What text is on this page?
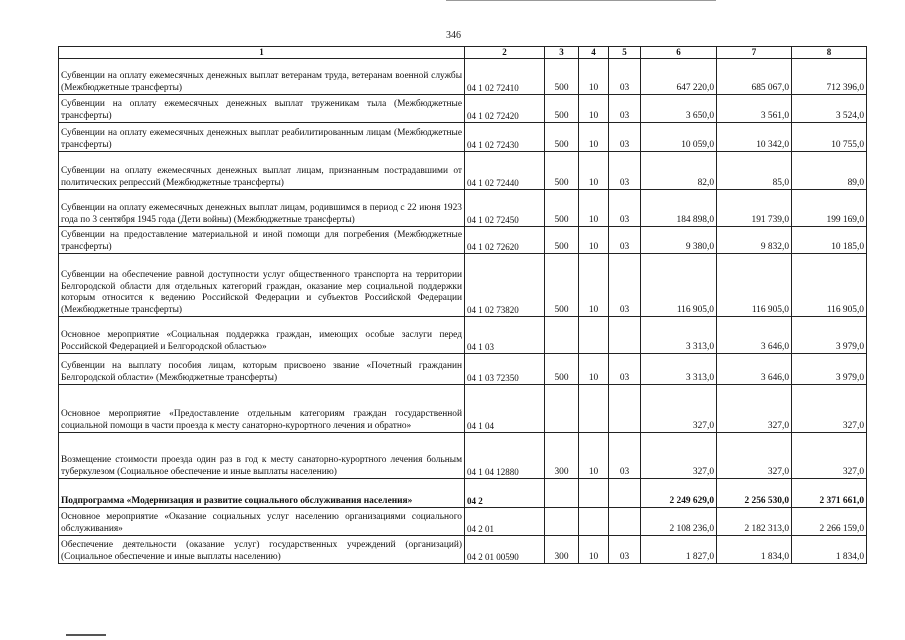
346
1	2	3	4	5	6	7	8
Субвенции на оплату ежемесячных денежных выплат ветеранам труда, ветеранам военной службы (Межбюджетные трансферты)	04 1 02 72410	500	10	03	647 220,0	685 067,0	712 396,0
Субвенции на оплату ежемесячных денежных выплат труженикам тыла (Межбюджетные трансферты)	04 1 02 72420	500	10	03	3 650,0	3 561,0	3 524,0
Субвенции на оплату ежемесячных денежных выплат реабилитированным лицам (Межбюджетные трансферты)	04 1 02 72430	500	10	03	10 059,0	10 342,0	10 755,0
Субвенции на оплату ежемесячных денежных выплат лицам, признанным пострадавшими от политических репрессий (Межбюджетные трансферты)	04 1 02 72440	500	10	03	82,0	85,0	89,0
Субвенции на оплату ежемесячных денежных выплат лицам, родившимся в период с 22 июня 1923 года по 3 сентября 1945 года (Дети войны) (Межбюджетные трансферты)	04 1 02 72450	500	10	03	184 898,0	191 739,0	199 169,0
Субвенции на предоставление материальной и иной помощи для погребения (Межбюджетные трансферты)	04 1 02 72620	500	10	03	9 380,0	9 832,0	10 185,0
Субвенции на обеспечение равной доступности услуг общественного транспорта на территории Белгородской области для отдельных категорий граждан, оказание мер социальной поддержки которым относится к ведению Российской Федерации и субъектов Российской Федерации (Межбюджетные трансферты)	04 1 02 73820	500	10	03	116 905,0	116 905,0	116 905,0
Основное мероприятие «Социальная поддержка граждан, имеющих особые заслуги перед Российской Федерацией и Белгородской областью»	04 1 03				3 313,0	3 646,0	3 979,0
Субвенции на выплату пособия лицам, которым присвоено звание «Почетный гражданин Белгородской области» (Межбюджетные трансферты)	04 1 03 72350	500	10	03	3 313,0	3 646,0	3 979,0
Основное мероприятие «Предоставление отдельным категориям граждан государственной социальной помощи в части проезда к месту санаторно-курортного лечения и обратно»	04 1 04				327,0	327,0	327,0
Возмещение стоимости проезда один раз в год к месту санаторно-курортного лечения больным туберкулезом (Социальное обеспечение и иные выплаты населению)	04 1 04 12880	300	10	03	327,0	327,0	327,0
Подпрограмма «Модернизация и развитие социального обслуживания населения»	04 2				2 249 629,0	2 256 530,0	2 371 661,0
Основное мероприятие «Оказание социальных услуг населению организациями социального обслуживания»	04 2 01				2 108 236,0	2 182 313,0	2 266 159,0
Обеспечение деятельности (оказание услуг) государственных учреждений (организаций) (Социальное обеспечение и иные выплаты населению)	04 2 01 00590	300	10	03	1 827,0	1 834,0	1 834,0
